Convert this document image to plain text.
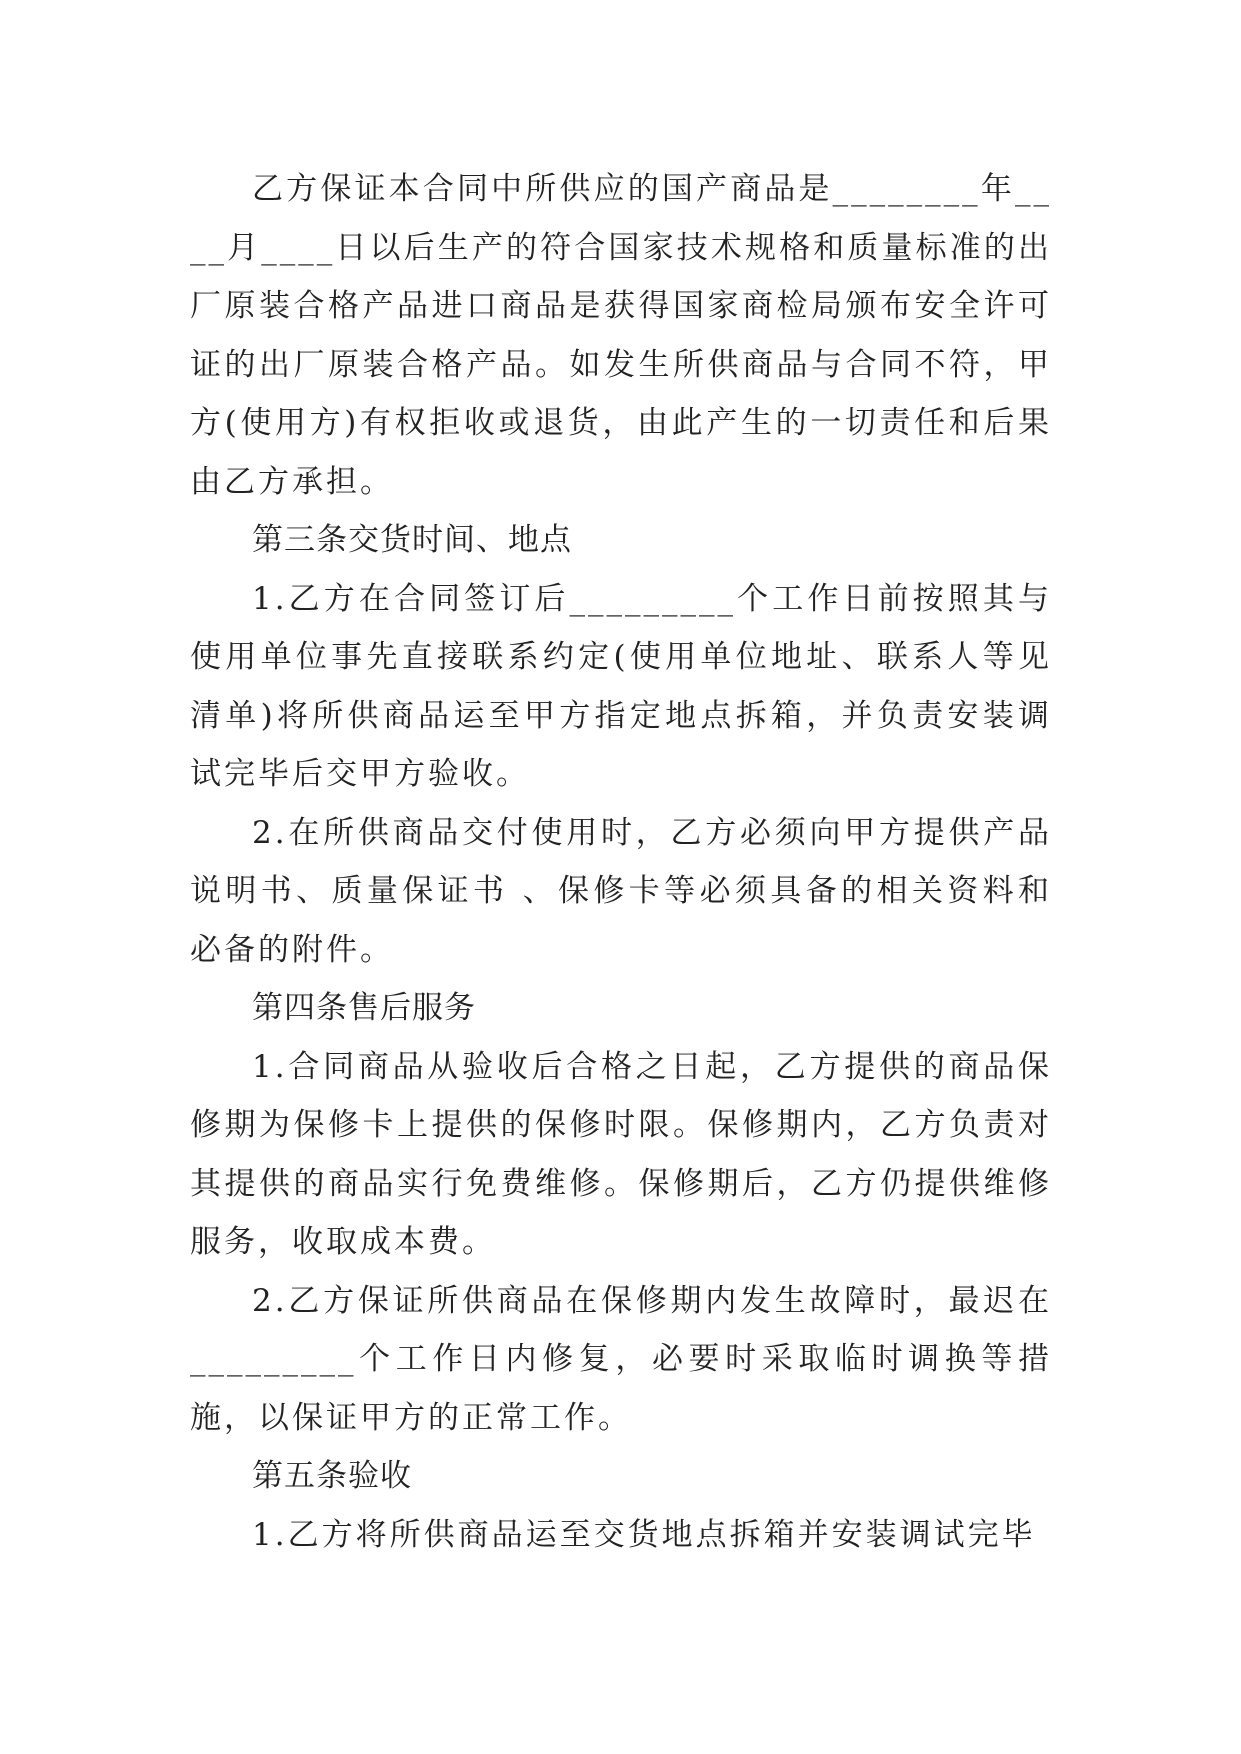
乙方保证本合同中所供应的国产商品是________年____月____日以后生产的符合国家技术规格和质量标准的出厂原装合格产品进口商品是获得国家商检局颁布安全许可证的出厂原装合格产品。如发生所供商品与合同不符，甲方(使用方)有权拒收或退货，由此产生的一切责任和后果由乙方承担。

第三条交货时间、地点

1.乙方在合同签订后_________个工作日前按照其与使用单位事先直接联系约定(使用单位地址、联系人等见清单)将所供商品运至甲方指定地点拆箱，并负责安装调试完毕后交甲方验收。

2.在所供商品交付使用时，乙方必须向甲方提供产品说明书、质量保证书 、保修卡等必须具备的相关资料和必备的附件。

第四条售后服务

1.合同商品从验收后合格之日起，乙方提供的商品保修期为保修卡上提供的保修时限。保修期内，乙方负责对其提供的商品实行免费维修。保修期后，乙方仍提供维修服务，收取成本费。

2.乙方保证所供商品在保修期内发生故障时，最迟在_________个工作日内修复，必要时采取临时调换等措施，以保证甲方的正常工作。

第五条验收

1.乙方将所供商品运至交货地点拆箱并安装调试完毕
